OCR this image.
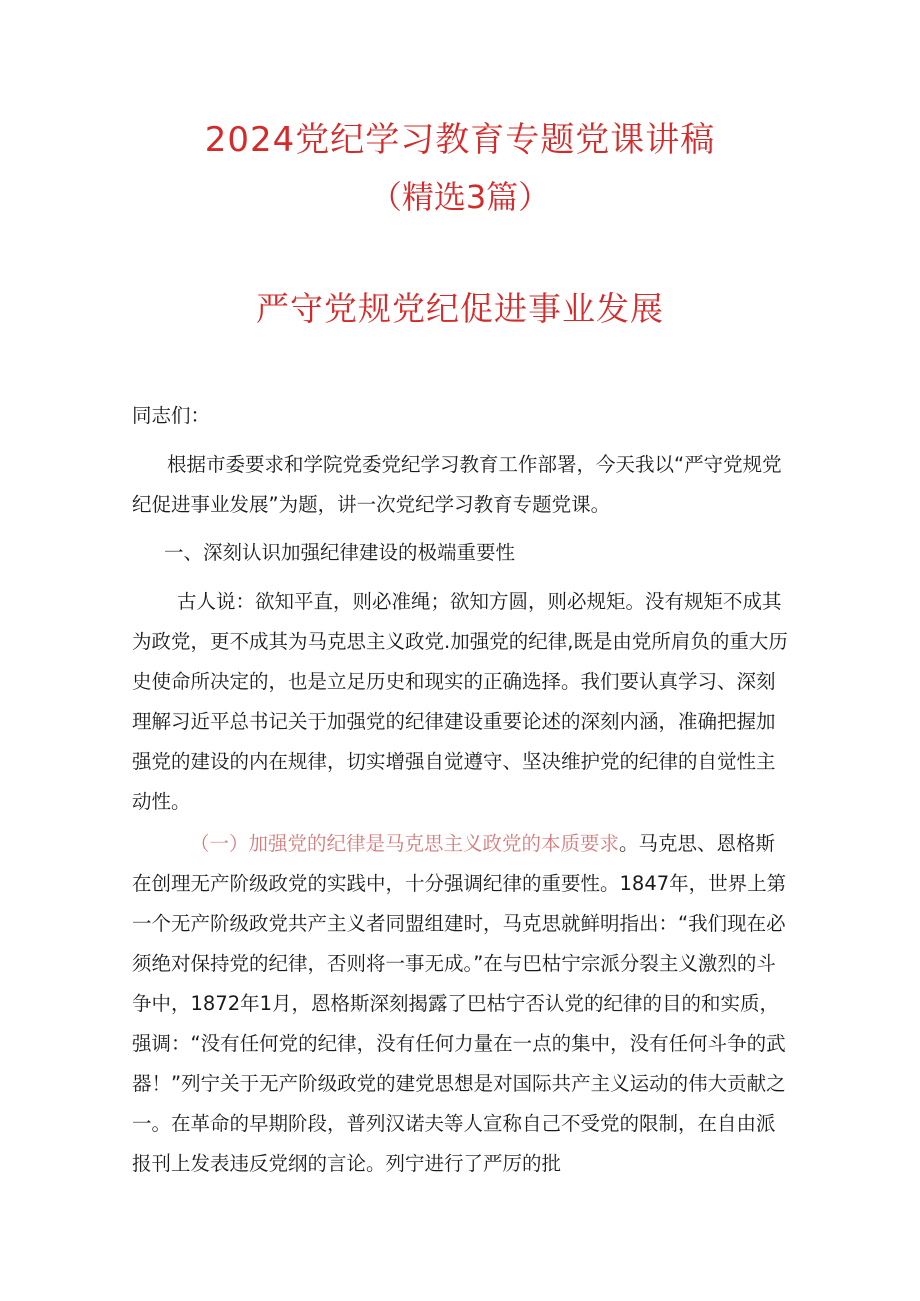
2024党纪学习教育专题党课讲稿
（精选3篇）
严守党规党纪促进事业发展

同志们：

根据市委要求和学院党委党纪学习教育工作部署，今天我以“严守党规党纪促进事业发展”为题，讲一次党纪学习教育专题党课。

一、深刻认识加强纪律建设的极端重要性

古人说：欲知平直，则必准绳；欲知方圆，则必规矩。没有规矩不成其为政党，更不成其为马克思主义政党.加强党的纪律,既是由党所肩负的重大历史使命所决定的，也是立足历史和现实的正确选择。我们要认真学习、深刻理解习近平总书记关于加强党的纪律建设重要论述的深刻内涵，准确把握加强党的建设的内在规律，切实增强自觉遵守、坚决维护党的纪律的自觉性主动性。

（一）加强党的纪律是马克思主义政党的本质要求。马克思、恩格斯在创理无产阶级政党的实践中，十分强调纪律的重要性。1847年，世界上第一个无产阶级政党共产主义者同盟组建时，马克思就鲜明指出：“我们现在必须绝对保持党的纪律，否则将一事无成。”在与巴枯宁宗派分裂主义激烈的斗争中，1872年1月，恩格斯深刻揭露了巴枯宁否认党的纪律的目的和实质，强调：“没有任何党的纪律，没有任何力量在一点的集中，没有任何斗争的武器！”列宁关于无产阶级政党的建党思想是对国际共产主义运动的伟大贡献之一。在革命的早期阶段，普列汉诺夫等人宣称自己不受党的限制，在自由派报刊上发表违反党纲的言论。列宁进行了严厉的批
